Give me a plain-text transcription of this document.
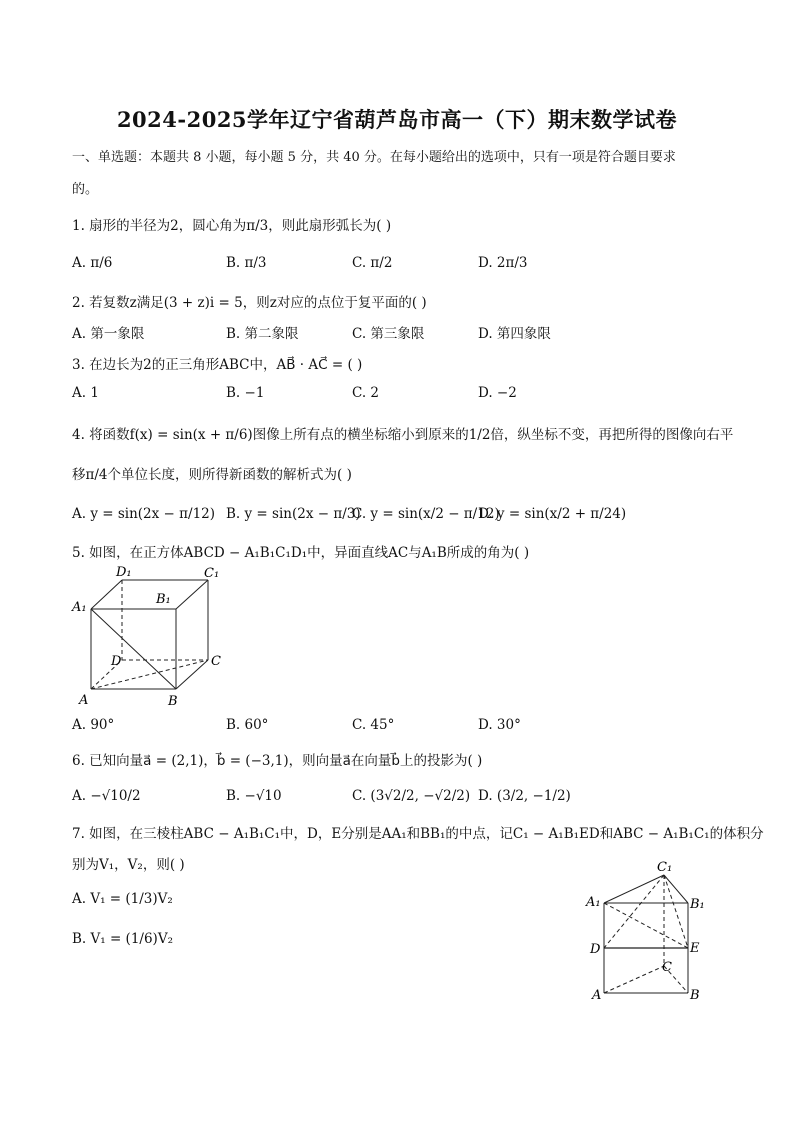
2024-2025学年辽宁省葫芦岛市高一（下）期末数学试卷
一、单选题：本题共 8 小题，每小题 5 分，共 40 分。在每小题给出的选项中，只有一项是符合题目要求
的。
1. 扇形的半径为2，圆心角为π/3，则此扇形弧长为( )
A. π/6	B. π/3	C. π/2	D. 2π/3
2. 若复数z满足(3 + z)i = 5，则z对应的点位于复平面的( )
A. 第一象限	B. 第二象限	C. 第三象限	D. 第四象限
3. 在边长为2的正三角形ABC中，AB⃗ · AC⃗ = ( )
A. 1	B. −1	C. 2	D. −2
4. 将函数f(x) = sin(x + π/6)图像上所有点的横坐标缩小到原来的1/2倍，纵坐标不变，再把所得的图像向右平
移π/4个单位长度，则所得新函数的解析式为( )
A. y = sin(2x − π/12) B. y = sin(2x − π/3)
C. y = sin(x/2 − π/12)
D. y = sin(x/2 + π/24)
5. 如图，在正方体ABCD − A₁B₁C₁D₁中，异面直线AC与A₁B所成的角为( )
D₁	C₁
A₁
B₁
D	C
A	B
A. 90°	B. 60°	C. 45°	D. 30°
6. 已知向量a⃗ = (2,1)，b⃗ = (−3,1)，则向量a⃗在向量b⃗上的投影为( )
A. −√10/2	B. −√10	C. (3√2/2, −√2/2) D. (3/2, −1/2)
7. 如图，在三棱柱ABC − A₁B₁C₁中，D，E分别是AA₁和BB₁的中点，记C₁ − A₁B₁ED和ABC − A₁B₁C₁的体积分
别为V₁，V₂，则( )
A. V₁ = (1/3)V₂
B. V₁ = (1/6)V₂
C₁
A₁	B₁
D	E
C
A	B
